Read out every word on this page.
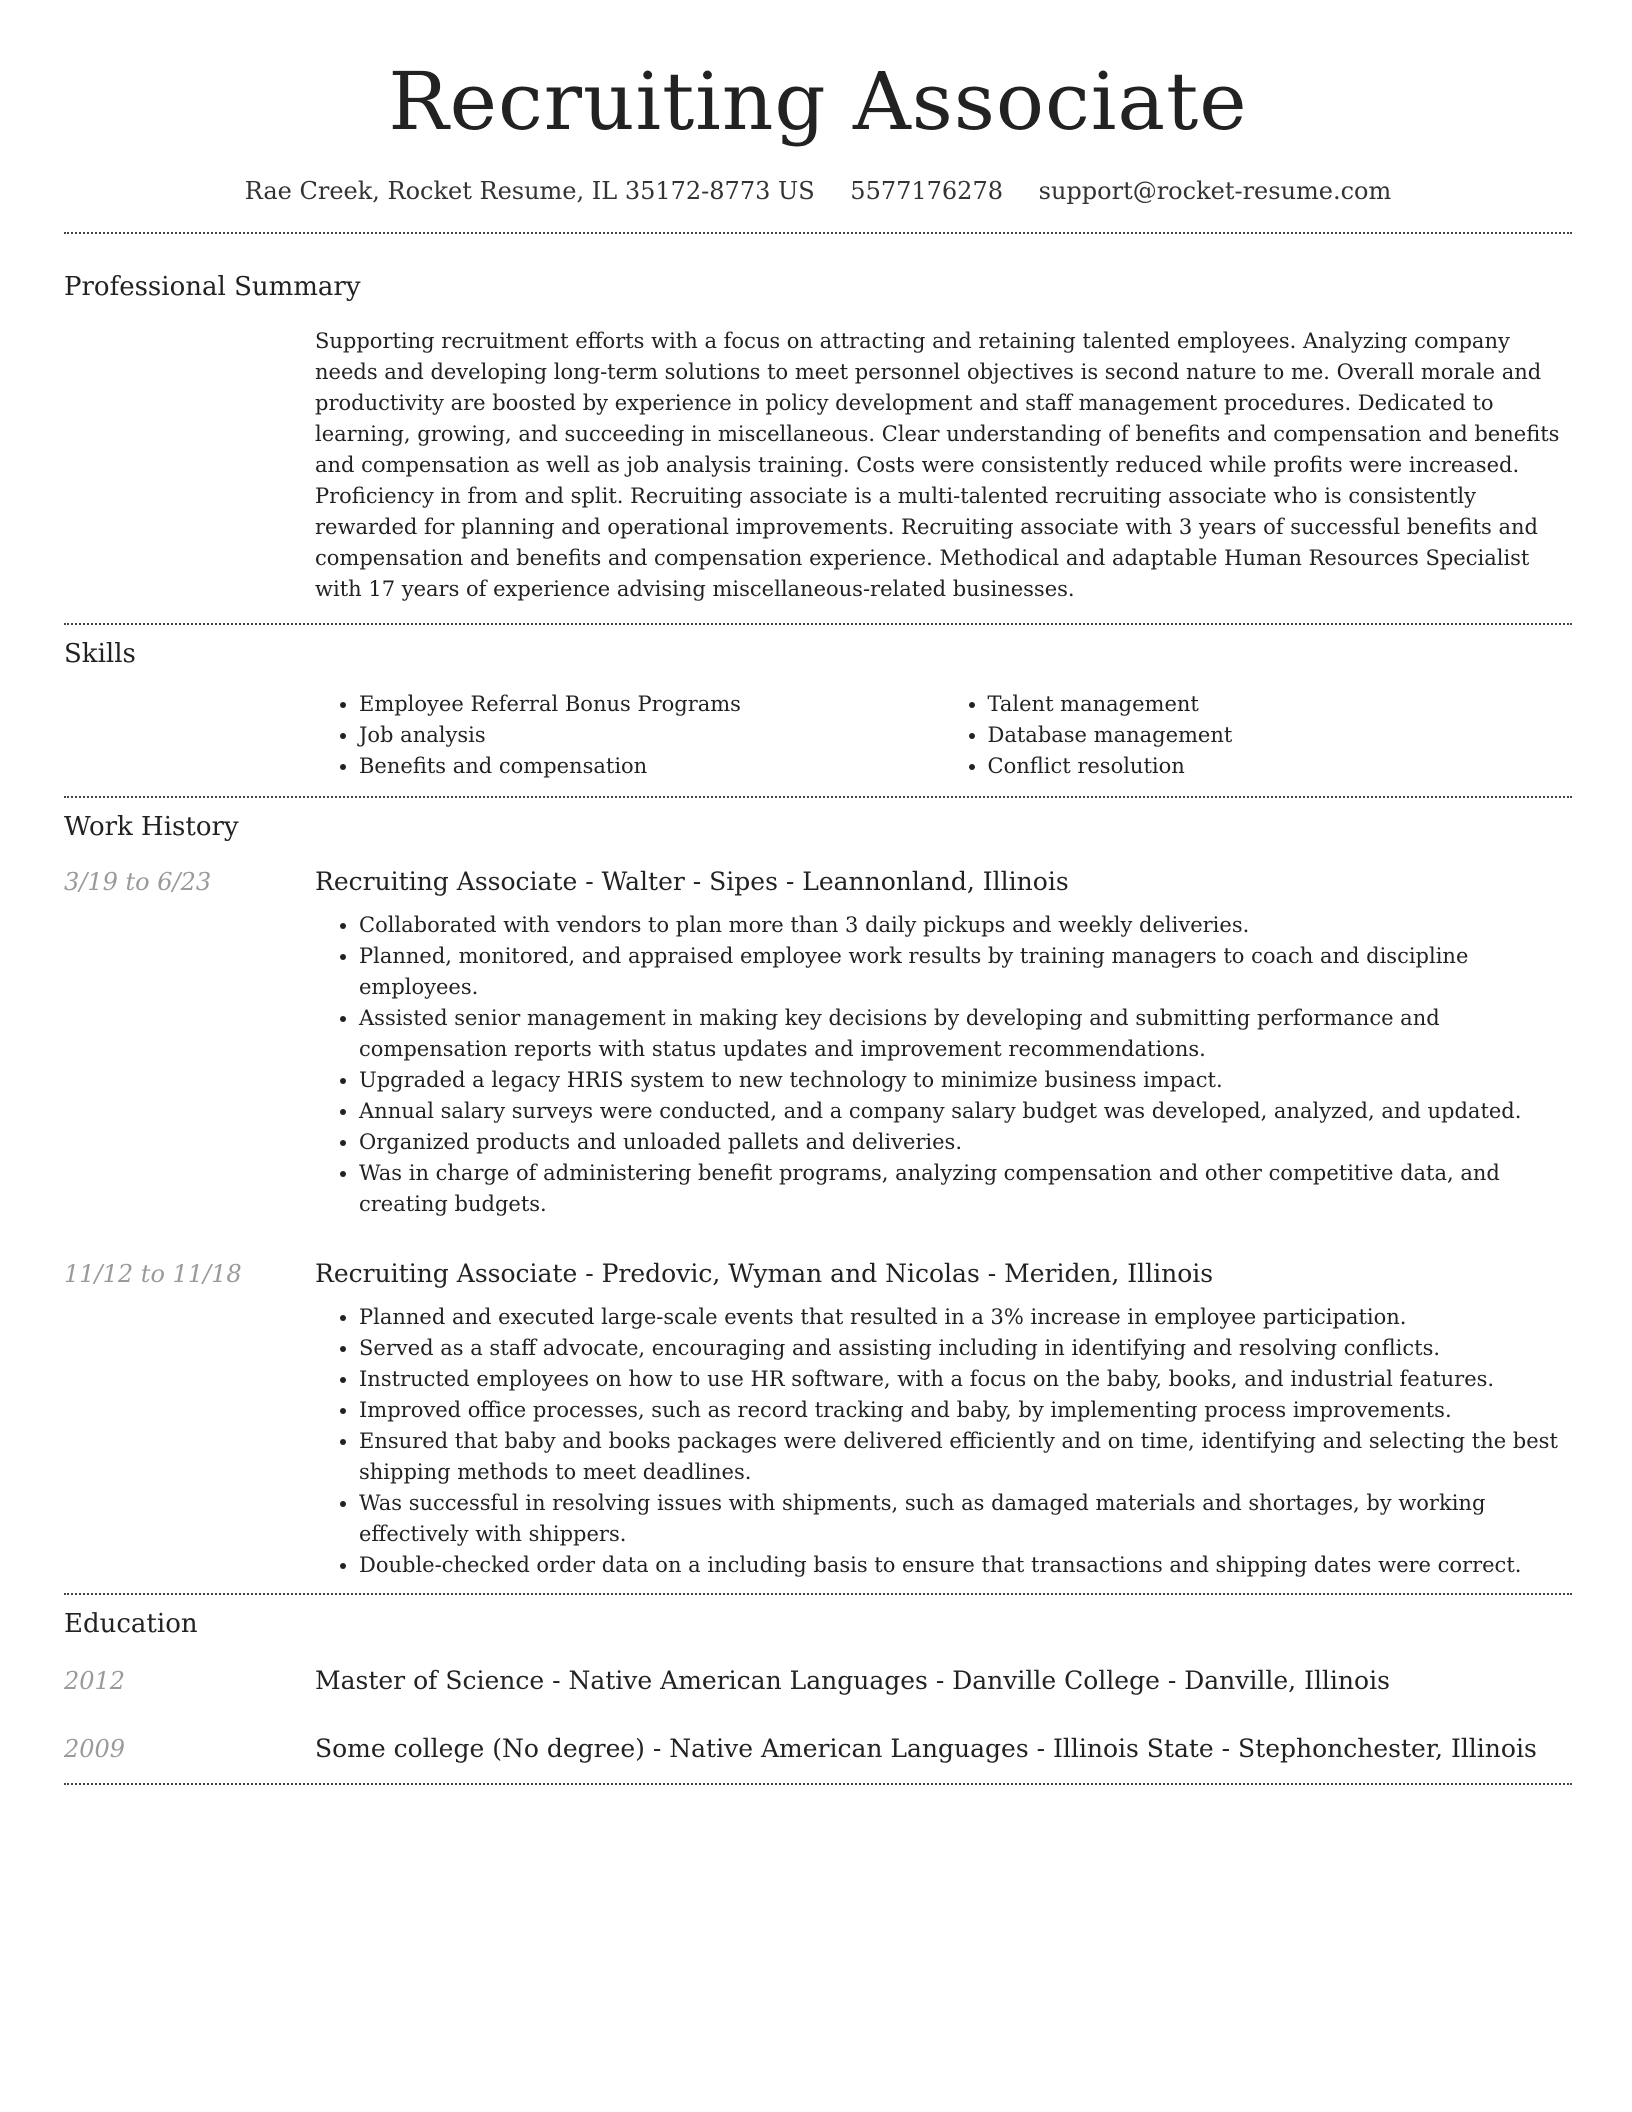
Recruiting Associate
Rae Creek, Rocket Resume, IL 35172-8773 US 5577176278 support@rocket-resume.com
Professional Summary

Supporting recruitment efforts with a focus on attracting and retaining talented employees. Analyzing company needs and developing long-term solutions to meet personnel objectives is second nature to me. Overall morale and productivity are boosted by experience in policy development and staff management procedures. Dedicated to learning, growing, and succeeding in miscellaneous. Clear understanding of benefits and compensation and benefits and compensation as well as job analysis training. Costs were consistently reduced while profits were increased. Proficiency in from and split. Recruiting associate is a multi-talented recruiting associate who is consistently rewarded for planning and operational improvements. Recruiting associate with 3 years of successful benefits and compensation and benefits and compensation experience. Methodical and adaptable Human Resources Specialist with 17 years of experience advising miscellaneous-related businesses.

Skills
• Employee Referral Bonus Programs
• Job analysis
• Benefits and compensation
• Talent management
• Database management
• Conflict resolution
Work History
3/19 to 6/23	Recruiting Associate - Walter - Sipes - Leannonland, Illinois
• Collaborated with vendors to plan more than 3 daily pickups and weekly deliveries.
• Planned, monitored, and appraised employee work results by training managers to coach and discipline employees.
• Assisted senior management in making key decisions by developing and submitting performance and compensation reports with status updates and improvement recommendations.
• Upgraded a legacy HRIS system to new technology to minimize business impact.
• Annual salary surveys were conducted, and a company salary budget was developed, analyzed, and updated.
• Organized products and unloaded pallets and deliveries.
• Was in charge of administering benefit programs, analyzing compensation and other competitive data, and creating budgets.
11/12 to 11/18	Recruiting Associate - Predovic, Wyman and Nicolas - Meriden, Illinois
• Planned and executed large-scale events that resulted in a 3% increase in employee participation.
• Served as a staff advocate, encouraging and assisting including in identifying and resolving conflicts.
• Instructed employees on how to use HR software, with a focus on the baby, books, and industrial features.
• Improved office processes, such as record tracking and baby, by implementing process improvements.
• Ensured that baby and books packages were delivered efficiently and on time, identifying and selecting the best shipping methods to meet deadlines.
• Was successful in resolving issues with shipments, such as damaged materials and shortages, by working effectively with shippers.
• Double-checked order data on a including basis to ensure that transactions and shipping dates were correct.
Education
2012	Master of Science - Native American Languages - Danville College - Danville, Illinois
2009	Some college (No degree) - Native American Languages - Illinois State - Stephonchester, Illinois
